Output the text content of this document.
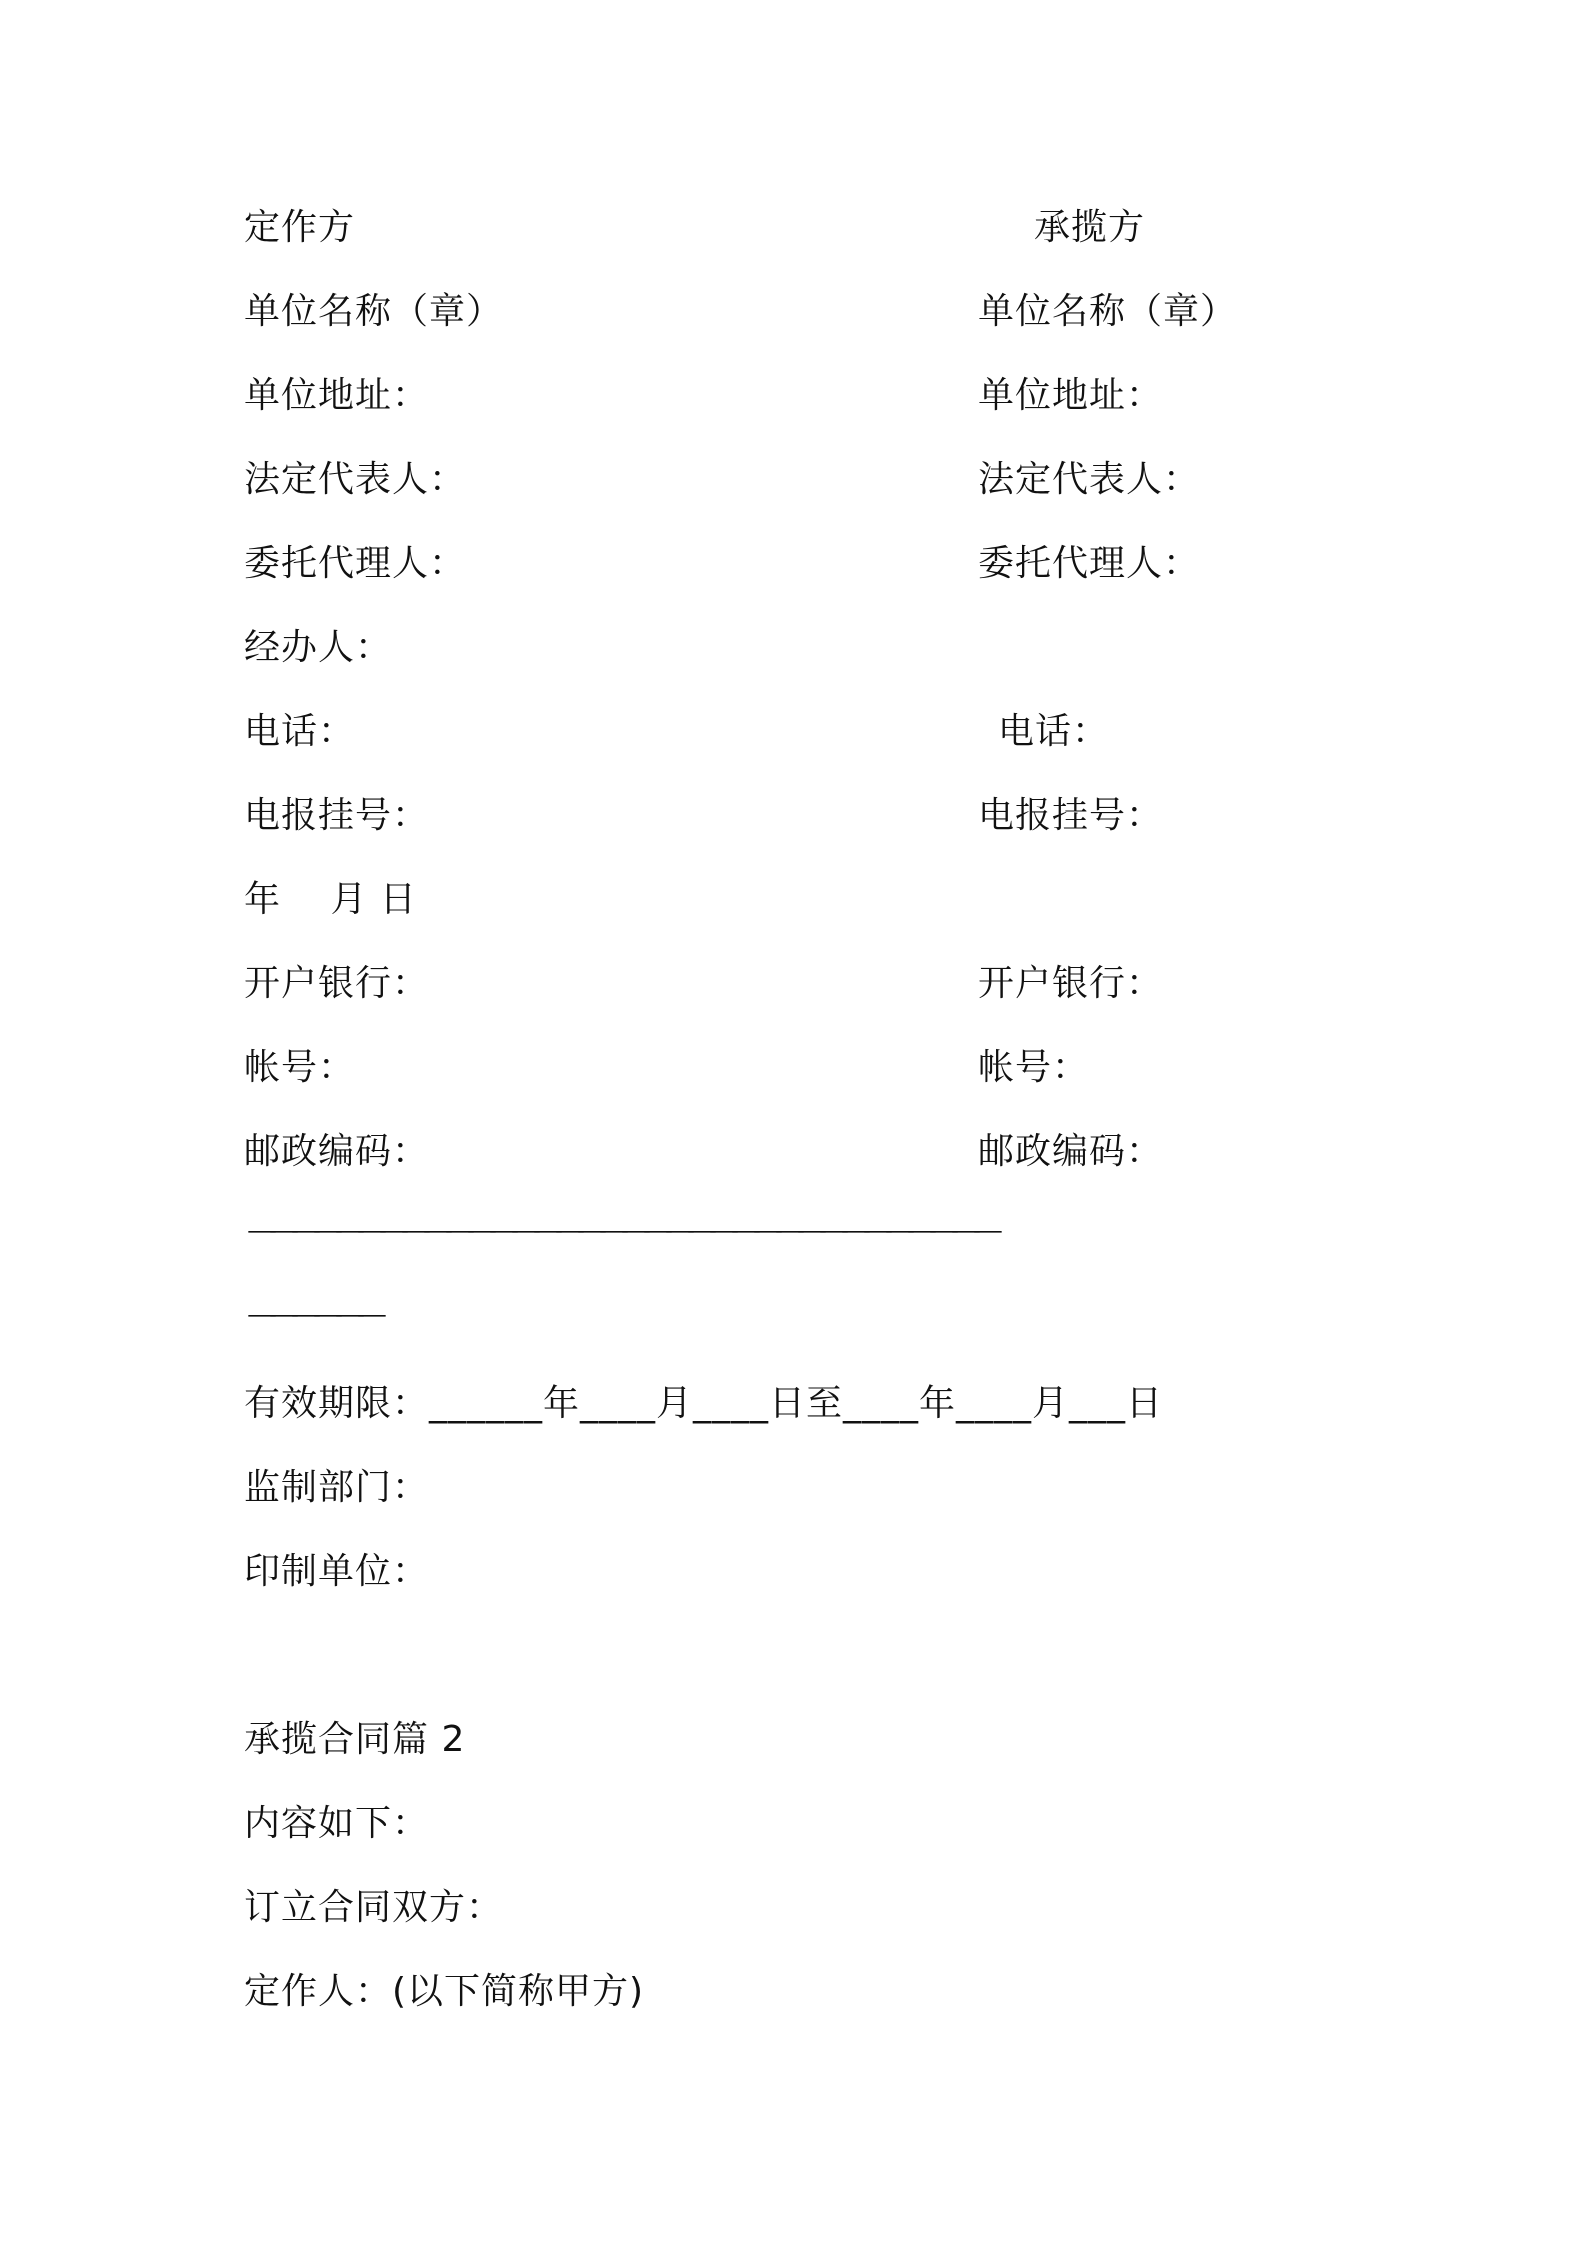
定作方
单位名称（章）
单位地址：
法定代表人：
委托代理人：
经办人：
电话：
电报挂号：
年　 月 日
开户银行：
帐号：
邮政编码：
承揽方
单位名称（章）
单位地址：
法定代表人：
委托代理人：
电话：
电报挂号：
开户银行：
帐号：
邮政编码：
－－－－－－－－－－－－－－－－－－－－－－－－－－－－－－－－－－
－－－－－－
有效期限：______年____月____日至____年____月___日
监制部门：
印制单位：
承揽合同篇 2
内容如下：
订立合同双方：
定作人：(以下简称甲方)
